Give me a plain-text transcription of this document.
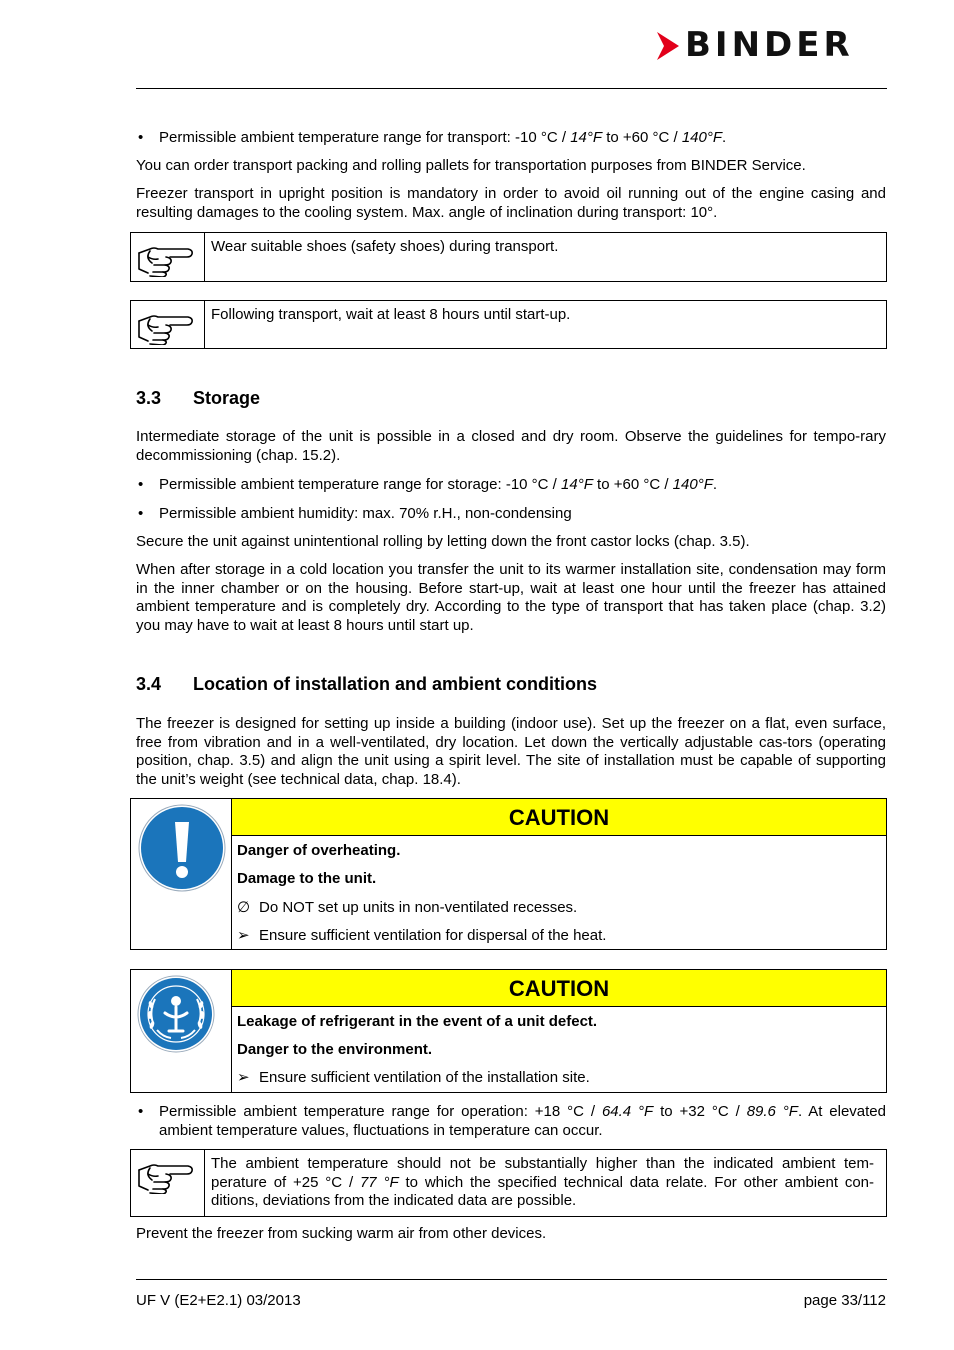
BINDER
• Permissible ambient temperature range for transport: -10 °C / 14°F to +60 °C / 140°F.
You can order transport packing and rolling pallets for transportation purposes from BINDER Service.
Freezer transport in upright position is mandatory in order to avoid oil running out of the engine casing and resulting damages to the cooling system. Max. angle of inclination during transport: 10°.
Wear suitable shoes (safety shoes) during transport.
Following transport, wait at least 8 hours until start-up.
3.3 Storage
Intermediate storage of the unit is possible in a closed and dry room. Observe the guidelines for tempo-rary decommissioning (chap. 15.2).
• Permissible ambient temperature range for storage: -10 °C / 14°F to +60 °C / 140°F.
• Permissible ambient humidity: max. 70% r.H., non-condensing
Secure the unit against unintentional rolling by letting down the front castor locks (chap. 3.5).
When after storage in a cold location you transfer the unit to its warmer installation site, condensation may form in the inner chamber or on the housing. Before start-up, wait at least one hour until the freezer has attained ambient temperature and is completely dry. According to the type of transport that has taken place (chap. 3.2) you may have to wait at least 8 hours until start up.
3.4 Location of installation and ambient conditions
The freezer is designed for setting up inside a building (indoor use). Set up the freezer on a flat, even surface, free from vibration and in a well-ventilated, dry location. Let down the vertically adjustable cas-tors (operating position, chap. 3.5) and align the unit using a spirit level. The site of installation must be capable of supporting the unit’s weight (see technical data, chap. 18.4).
CAUTION
Danger of overheating.
Damage to the unit.
∅ Do NOT set up units in non-ventilated recesses.
➢ Ensure sufficient ventilation for dispersal of the heat.
CAUTION
Leakage of refrigerant in the event of a unit defect.
Danger to the environment.
➢ Ensure sufficient ventilation of the installation site.
• Permissible ambient temperature range for operation: +18 °C / 64.4 °F to +32 °C / 89.6 °F. At elevated ambient temperature values, fluctuations in temperature can occur.
The ambient temperature should not be substantially higher than the indicated ambient tem-perature of +25 °C / 77 °F to which the specified technical data relate. For other ambient con-ditions, deviations from the indicated data are possible.
Prevent the freezer from sucking warm air from other devices.
UF V (E2+E2.1) 03/2013	page 33/112
